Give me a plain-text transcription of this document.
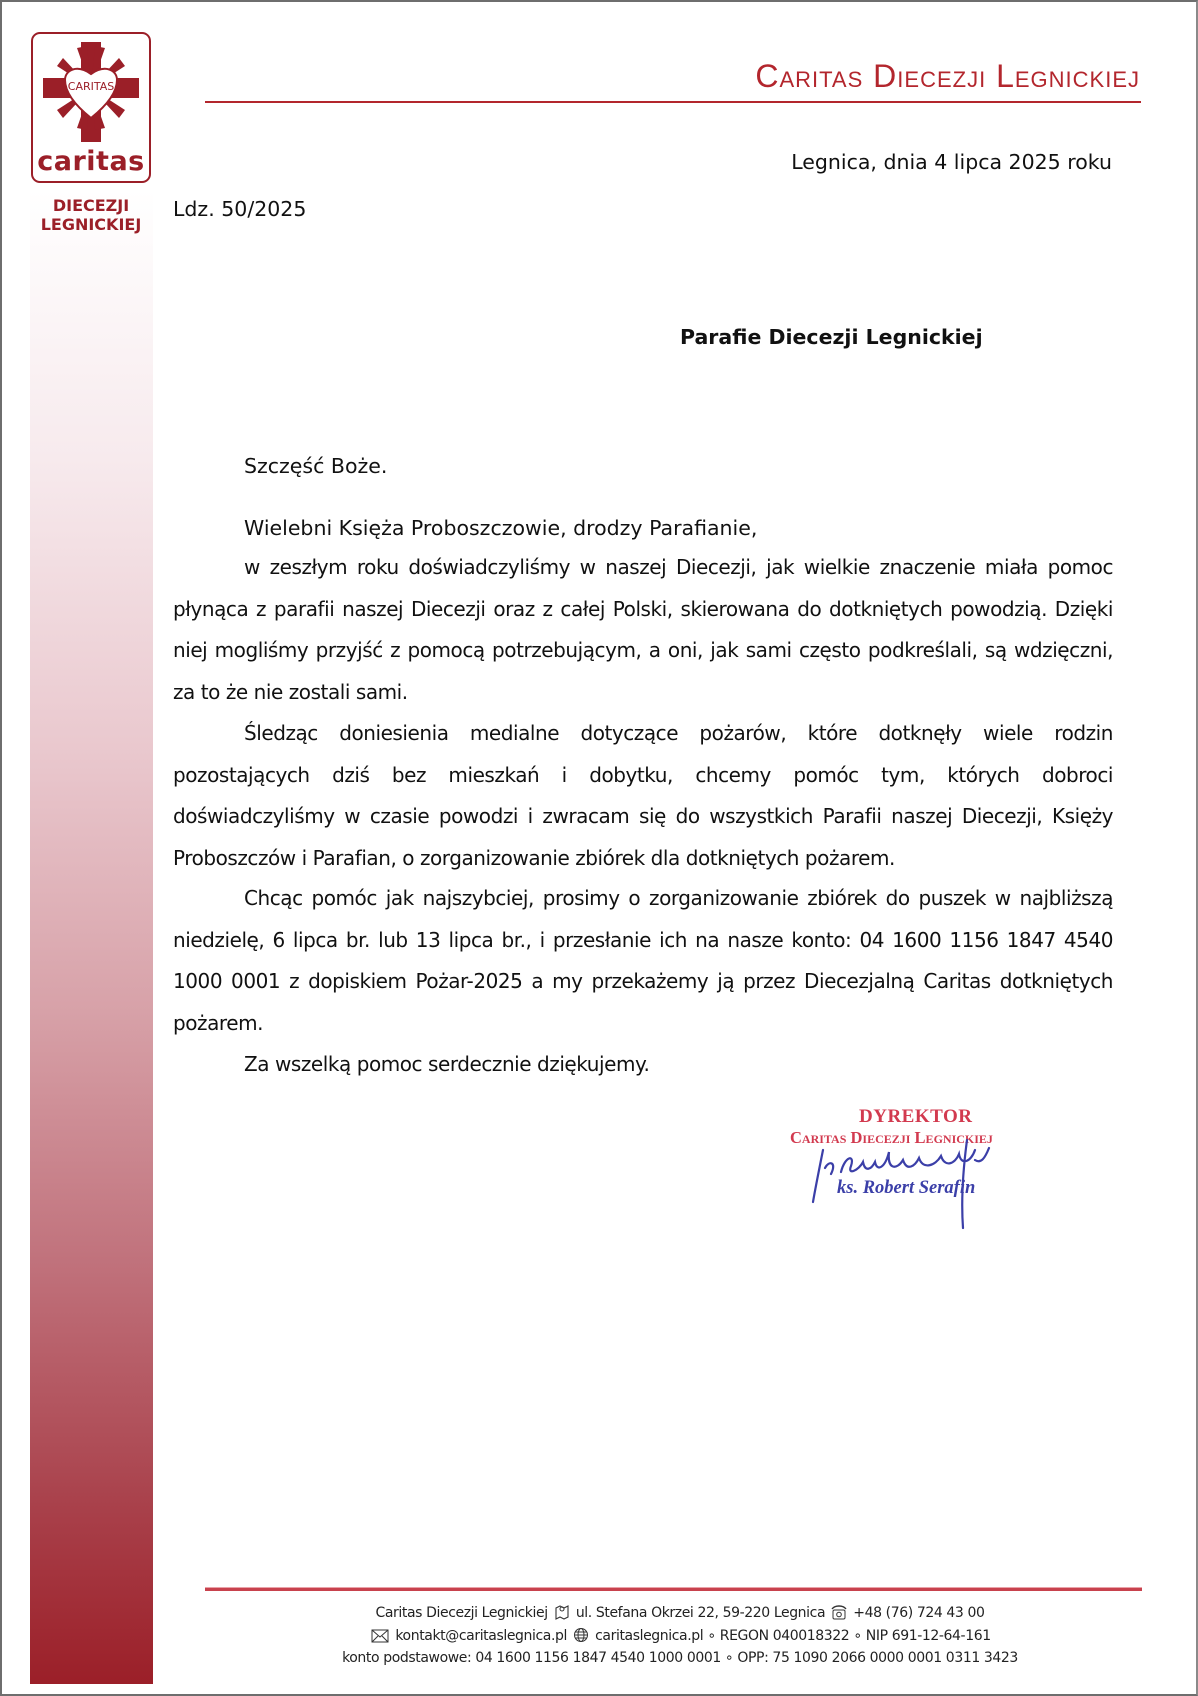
CARITAS
caritas
DIECEZJI
LEGNICKIEJ
Caritas Diecezji Legnickiej
Legnica, dnia 4 lipca 2025 roku
Ldz. 50/2025
Parafie Diecezji Legnickiej
Szczęść Boże.
Wielebni Księża Proboszczowie, drodzy Parafianie,
w zeszłym roku doświadczyliśmy w naszej Diecezji, jak wielkie znaczenie miała pomoc płynąca z parafii naszej Diecezji oraz z całej Polski, skierowana do dotkniętych powodzią. Dzięki niej mogliśmy przyjść z pomocą potrzebującym, a oni, jak sami często podkreślali, są wdzięczni, za to że nie zostali sami.
Śledząc doniesienia medialne dotyczące pożarów, które dotknęły wiele rodzin pozostających dziś bez mieszkań i dobytku, chcemy pomóc tym, których dobroci doświadczyliśmy w czasie powodzi i zwracam się do wszystkich Parafii naszej Diecezji, Księży Proboszczów i Parafian, o zorganizowanie zbiórek dla dotkniętych pożarem.
Chcąc pomóc jak najszybciej, prosimy o zorganizowanie zbiórek do puszek w najbliższą niedzielę, 6 lipca br. lub 13 lipca br., i przesłanie ich na nasze konto: 04 1600 1156 1847 4540 1000 0001 z dopiskiem Pożar-2025 a my przekażemy ją przez Diecezjalną Caritas dotkniętych pożarem.
Za wszelką pomoc serdecznie dziękujemy.
DYREKTOR
Caritas Diecezji Legnickiej
ks. Robert Serafin
Caritas Diecezji Legnickiej ul. Stefana Okrzei 22, 59-220 Legnica +48 (76) 724 43 00
kontakt@caritaslegnica.pl caritaslegnica.pl ∘ REGON 040018322 ∘ NIP 691-12-64-161
konto podstawowe: 04 1600 1156 1847 4540 1000 0001 ∘ OPP: 75 1090 2066 0000 0001 0311 3423
